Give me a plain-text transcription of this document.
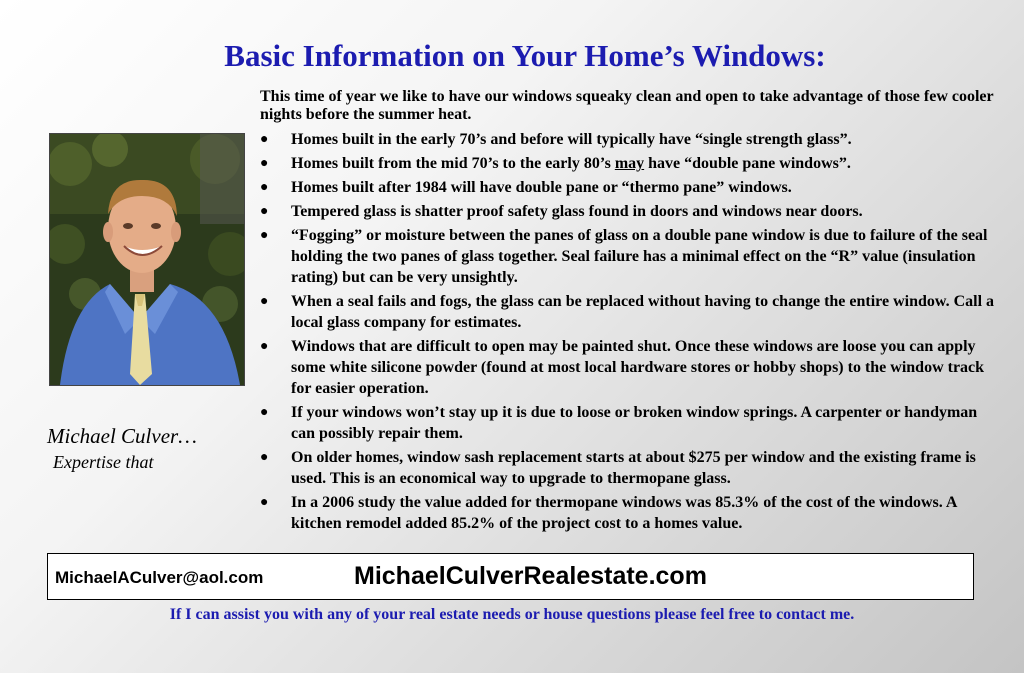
Basic Information on Your Home’s Windows:
Michael Culver…
Expertise that
This time of year we like to have our windows squeaky clean and open to take advantage of those few cooler nights before the summer heat.
● Homes built in the early 70’s and before will typically have “single strength glass”.
● Homes built from the mid 70’s to the early 80’s may have “double pane windows”.
● Homes built after 1984 will have double pane or “thermo pane” windows.
● Tempered glass is shatter proof safety glass found in doors and windows near doors.
● “Fogging” or moisture between the panes of glass on a double pane window is due to failure of the seal holding the two panes of glass together. Seal failure has a minimal effect on the “R” value (insulation rating) but can be very unsightly.
● When a seal fails and fogs, the glass can be replaced without having to change the entire window. Call a local glass company for estimates.
● Windows that are difficult to open may be painted shut. Once these windows are loose you can apply some white silicone powder (found at most local hardware stores or hobby shops) to the window track for easier operation.
● If your windows won’t stay up it is due to loose or broken window springs. A carpenter or handyman can possibly repair them.
● On older homes, window sash replacement starts at about $275 per window and the existing frame is used. This is an economical way to upgrade to thermopane glass.
● In a 2006 study the value added for thermopane windows was 85.3% of the cost of the windows. A kitchen remodel added 85.2% of the project cost to a homes value.
MichaelACulver@aol.com	MichaelCulverRealestate.com
If I can assist you with any of your real estate needs or house questions please feel free to contact me.
